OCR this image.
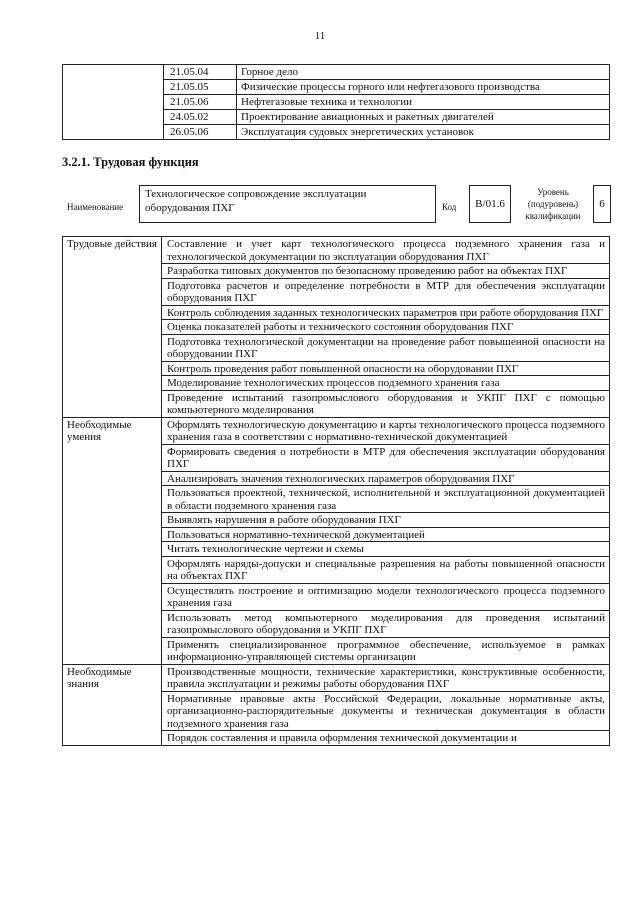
11
	21.05.04	Горное дело
	21.05.05	Физические процессы горного или нефтегазового производства
	21.05.06	Нефтегазовые техника и технологии
	24.05.02	Проектирование авиационных и ракетных двигателей
	26.05.06	Эксплуатация судовых энергетических установок
3.2.1. Трудовая функция
Наименование
Технологическое сопровождение эксплуатации оборудования ПХГ	Код	В/01.6
Уровень (подуровень) квалификации
6
Трудовые действия	Составление и учет карт технологического процесса подземного хранения газа и технологической документации по эксплуатации оборудования ПХГ
	Разработка типовых документов по безопасному проведению работ на объектах ПХГ
	Подготовка расчетов и определение потребности в МТР для обеспечения эксплуатации оборудования ПХГ
	Контроль соблюдения заданных технологических параметров при работе оборудования ПХГ
	Оценка показателей работы и технического состояния оборудования ПХГ
	Подготовка технологической документации на проведение работ повышенной опасности на оборудовании ПХГ
	Контроль проведения работ повышенной опасности на оборудовании ПХГ
	Моделирование технологических процессов подземного хранения газа
	Проведение испытаний газопромыслового оборудования и УКПГ ПХГ с помощью компьютерного моделирования
Необходимые умения	Оформлять технологическую документацию и карты технологического процесса подземного хранения газа в соответствии с нормативно-технической документацией
	Формировать сведения о потребности в МТР для обеспечения эксплуатации оборудования ПХГ
	Анализировать значения технологических параметров оборудования ПХГ
	Пользоваться проектной, технической, исполнительной и эксплуатационной документацией в области подземного хранения газа
	Выявлять нарушения в работе оборудования ПХГ
	Пользоваться нормативно-технической документацией
	Читать технологические чертежи и схемы
	Оформлять наряды-допуски и специальные разрешения на работы повышенной опасности на объектах ПХГ
	Осуществлять построение и оптимизацию модели технологического процесса подземного хранения газа
	Использовать метод компьютерного моделирования для проведения испытаний газопромыслового оборудования и УКПГ ПХГ
	Применять специализированное программное обеспечение, используемое в рамках информационно-управляющей системы организации
Необходимые знания	Производственные мощности, технические характеристики, конструктивные особенности, правила эксплуатации и режимы работы оборудования ПХГ
	Нормативные правовые акты Российской Федерации, локальные нормативные акты, организационно-распорядительные документы и техническая документация в области подземного хранения газа
	Порядок составления и правила оформления технической документации и
